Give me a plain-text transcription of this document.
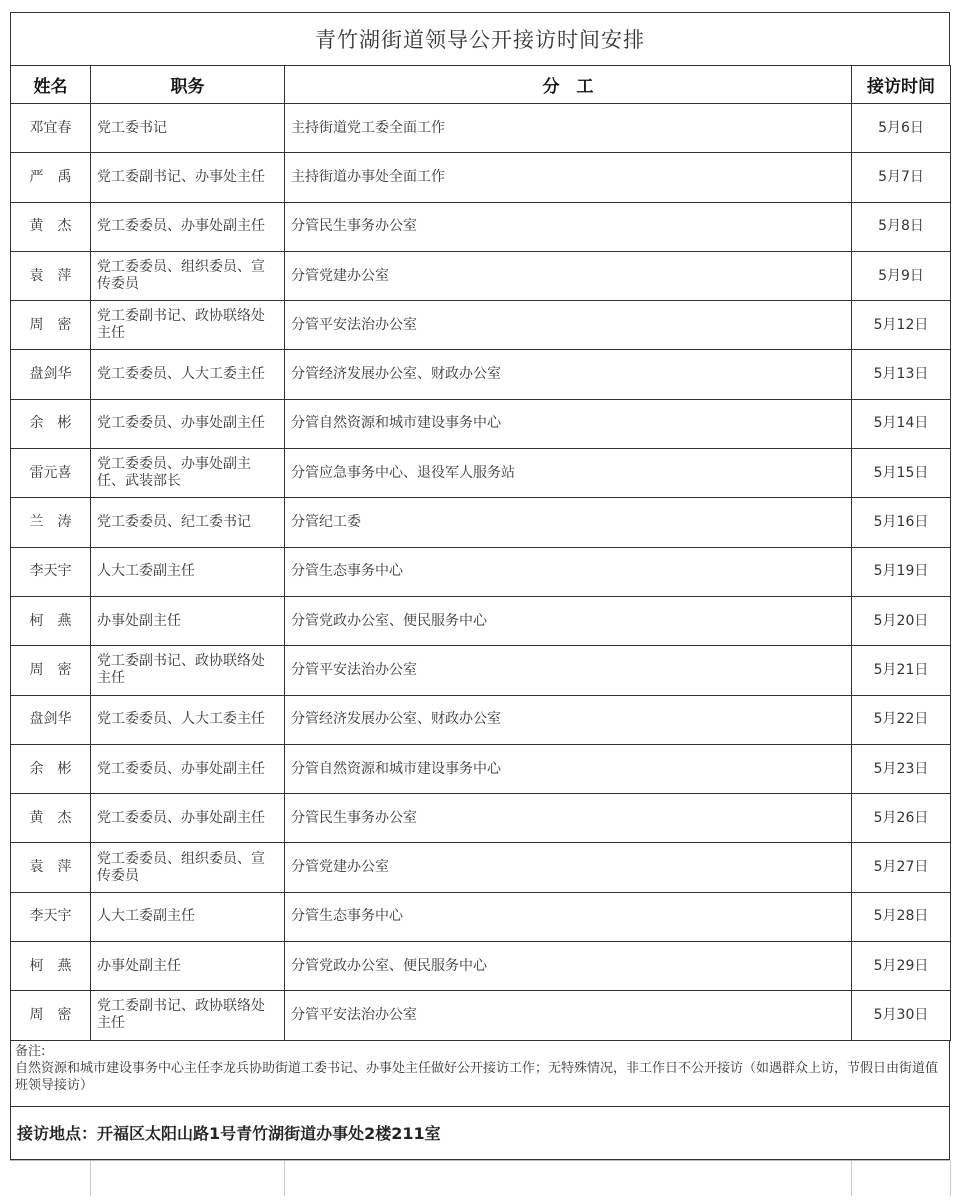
青竹湖街道领导公开接访时间安排
姓名	职务	分　工	接访时间
邓宜春	党工委书记	主持街道党工委全面工作	5月6日
严　禹	党工委副书记、办事处主任	主持街道办事处全面工作	5月7日
黄　杰	党工委委员、办事处副主任	分管民生事务办公室	5月8日
袁　萍	党工委委员、组织委员、宣传委员	分管党建办公室	5月9日
周　密	党工委副书记、政协联络处主任	分管平安法治办公室	5月12日
盘剑华	党工委委员、人大工委主任	分管经济发展办公室、财政办公室	5月13日
余　彬	党工委委员、办事处副主任	分管自然资源和城市建设事务中心	5月14日
雷元喜	党工委委员、办事处副主任、武装部长	分管应急事务中心、退役军人服务站	5月15日
兰　涛	党工委委员、纪工委书记	分管纪工委	5月16日
李天宇	人大工委副主任	分管生态事务中心	5月19日
柯　燕	办事处副主任	分管党政办公室、便民服务中心	5月20日
周　密	党工委副书记、政协联络处主任	分管平安法治办公室	5月21日
盘剑华	党工委委员、人大工委主任	分管经济发展办公室、财政办公室	5月22日
余　彬	党工委委员、办事处副主任	分管自然资源和城市建设事务中心	5月23日
黄　杰	党工委委员、办事处副主任	分管民生事务办公室	5月26日
袁　萍	党工委委员、组织委员、宣传委员	分管党建办公室	5月27日
李天宇	人大工委副主任	分管生态事务中心	5月28日
柯　燕	办事处副主任	分管党政办公室、便民服务中心	5月29日
周　密	党工委副书记、政协联络处主任	分管平安法治办公室	5月30日
备注:
自然资源和城市建设事务中心主任李龙兵协助街道工委书记、办事处主任做好公开接访工作；无特殊情况，非工作日不公开接访（如遇群众上访，节假日由街道值班领导接访）
接访地点：开福区太阳山路1号青竹湖街道办事处2楼211室
